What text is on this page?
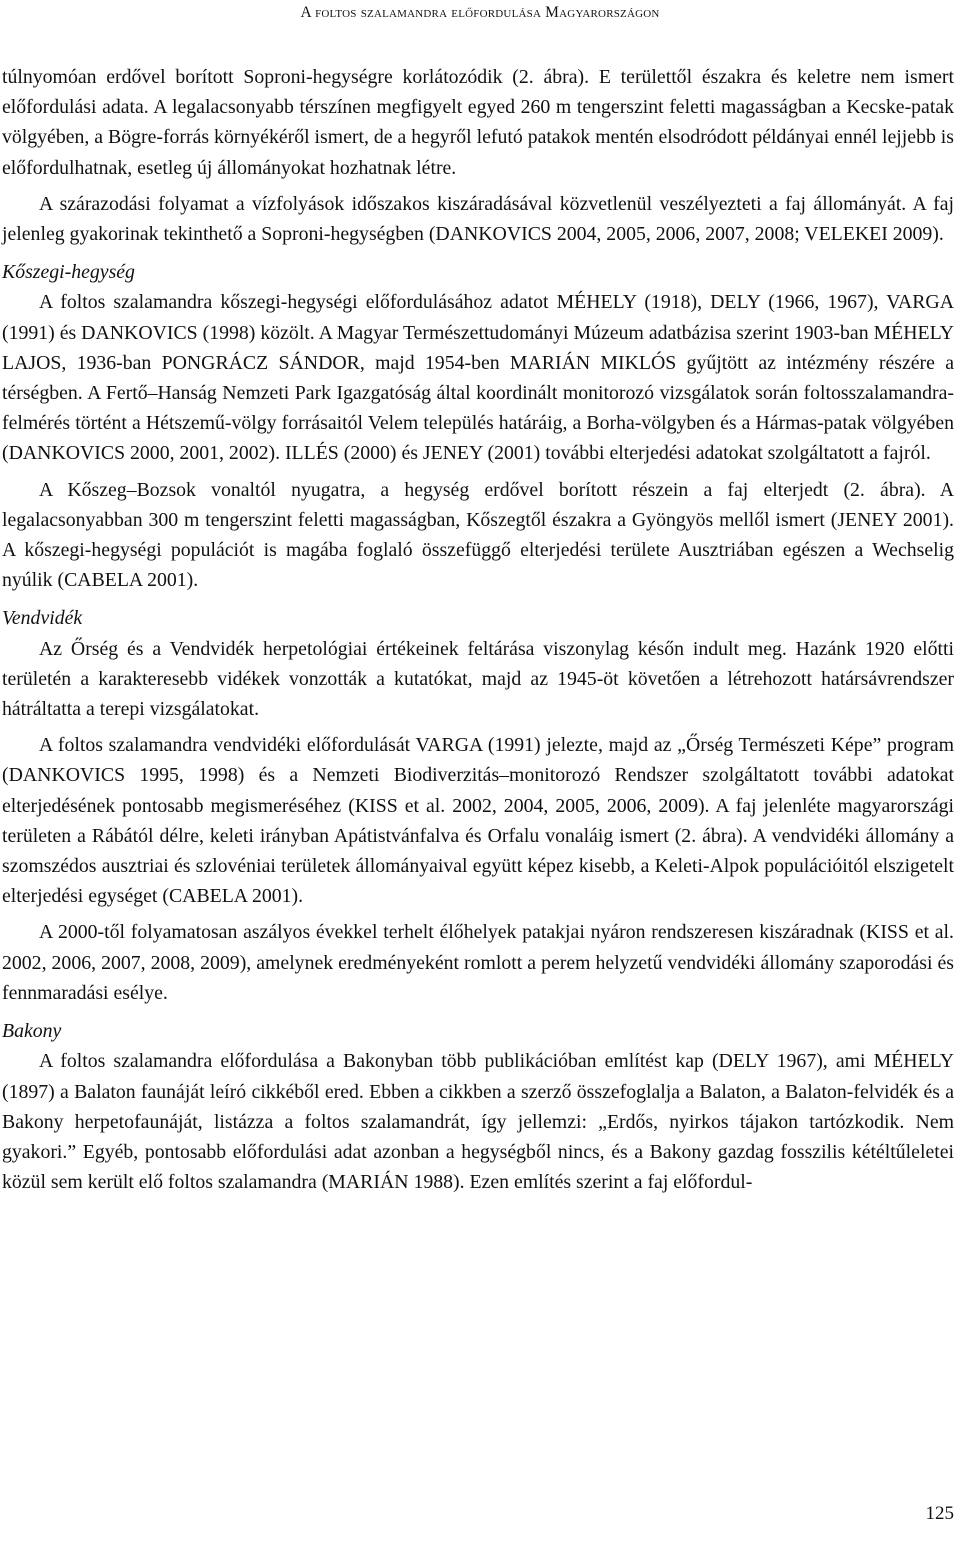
A foltos szalamandra előfordulása Magyarországon

túlnyomóan erdővel borított Soproni-hegységre korlátozódik (2. ábra). E területtől északra és keletre nem ismert előfordulási adata. A legalacsonyabb térszínen megfigyelt egyed 260 m tengerszint feletti magasságban a Kecske-patak völgyében, a Bögre-forrás környékéről ismert, de a hegyről lefutó patakok mentén elsodródott példányai ennél lejjebb is előfordulhatnak, esetleg új állományokat hozhatnak létre.

A szárazodási folyamat a vízfolyások időszakos kiszáradásával közvetlenül veszélyezteti a faj állományát. A faj jelenleg gyakorinak tekinthető a Soproni-hegységben (DANKOVICS 2004, 2005, 2006, 2007, 2008; VELEKEI 2009).

Kőszegi-hegység

A foltos szalamandra kőszegi-hegységi előfordulásához adatot MÉHELY (1918), DELY (1966, 1967), VARGA (1991) és DANKOVICS (1998) közölt. A Magyar Természettudományi Múzeum adatbázisa szerint 1903-ban MÉHELY LAJOS, 1936-ban PONGRÁCZ SÁNDOR, majd 1954-ben MARIÁN MIKLÓS gyűjtött az intézmény részére a térségben. A Fertő–Hanság Nemzeti Park Igazgatóság által koordinált monitorozó vizsgálatok során foltosszalamandra-felmérés történt a Hétszemű-völgy forrásaitól Velem település határáig, a Borha-völgyben és a Hármas-patak völgyében (DANKOVICS 2000, 2001, 2002). ILLÉS (2000) és JENEY (2001) további elterjedési adatokat szolgáltatott a fajról.

A Kőszeg–Bozsok vonaltól nyugatra, a hegység erdővel borított részein a faj elterjedt (2. ábra). A legalacsonyabban 300 m tengerszint feletti magasságban, Kőszegtől északra a Gyöngyös mellől ismert (JENEY 2001). A kőszegi-hegységi populációt is magába foglaló összefüggő elterjedési területe Ausztriában egészen a Wechselig nyúlik (CABELA 2001).

Vendvidék

Az Őrség és a Vendvidék herpetológiai értékeinek feltárása viszonylag későn indult meg. Hazánk 1920 előtti területén a karakteresebb vidékek vonzották a kutatókat, majd az 1945-öt követően a létrehozott határsávrendszer hátráltatta a terepi vizsgálatokat.

A foltos szalamandra vendvidéki előfordulását VARGA (1991) jelezte, majd az „Őrség Természeti Képe” program (DANKOVICS 1995, 1998) és a Nemzeti Biodiverzitás–monitorozó Rendszer szolgáltatott további adatokat elterjedésének pontosabb megismeréséhez (KISS et al. 2002, 2004, 2005, 2006, 2009). A faj jelenléte magyarországi területen a Rábától délre, keleti irányban Apátistvánfalva és Orfalu vonaláig ismert (2. ábra). A vendvidéki állomány a szomszédos ausztriai és szlovéniai területek állományaival együtt képez kisebb, a Keleti-Alpok populációitól elszigetelt elterjedési egységet (CABELA 2001).

A 2000-től folyamatosan aszályos évekkel terhelt élőhelyek patakjai nyáron rendszeresen kiszáradnak (KISS et al. 2002, 2006, 2007, 2008, 2009), amelynek eredményeként romlott a perem helyzetű vendvidéki állomány szaporodási és fennmaradási esélye.

Bakony

A foltos szalamandra előfordulása a Bakonyban több publikációban említést kap (DELY 1967), ami MÉHELY (1897) a Balaton faunáját leíró cikkéből ered. Ebben a cikkben a szerző összefoglalja a Balaton, a Balaton-felvidék és a Bakony herpetofaunáját, listázza a foltos szalamandrát, így jellemzi: „Erdős, nyirkos tájakon tartózkodik. Nem gyakori.” Egyéb, pontosabb előfordulási adat azonban a hegységből nincs, és a Bakony gazdag fosszilis kétéltűleletei közül sem került elő foltos szalamandra (MARIÁN 1988). Ezen említés szerint a faj előfordul-

125
